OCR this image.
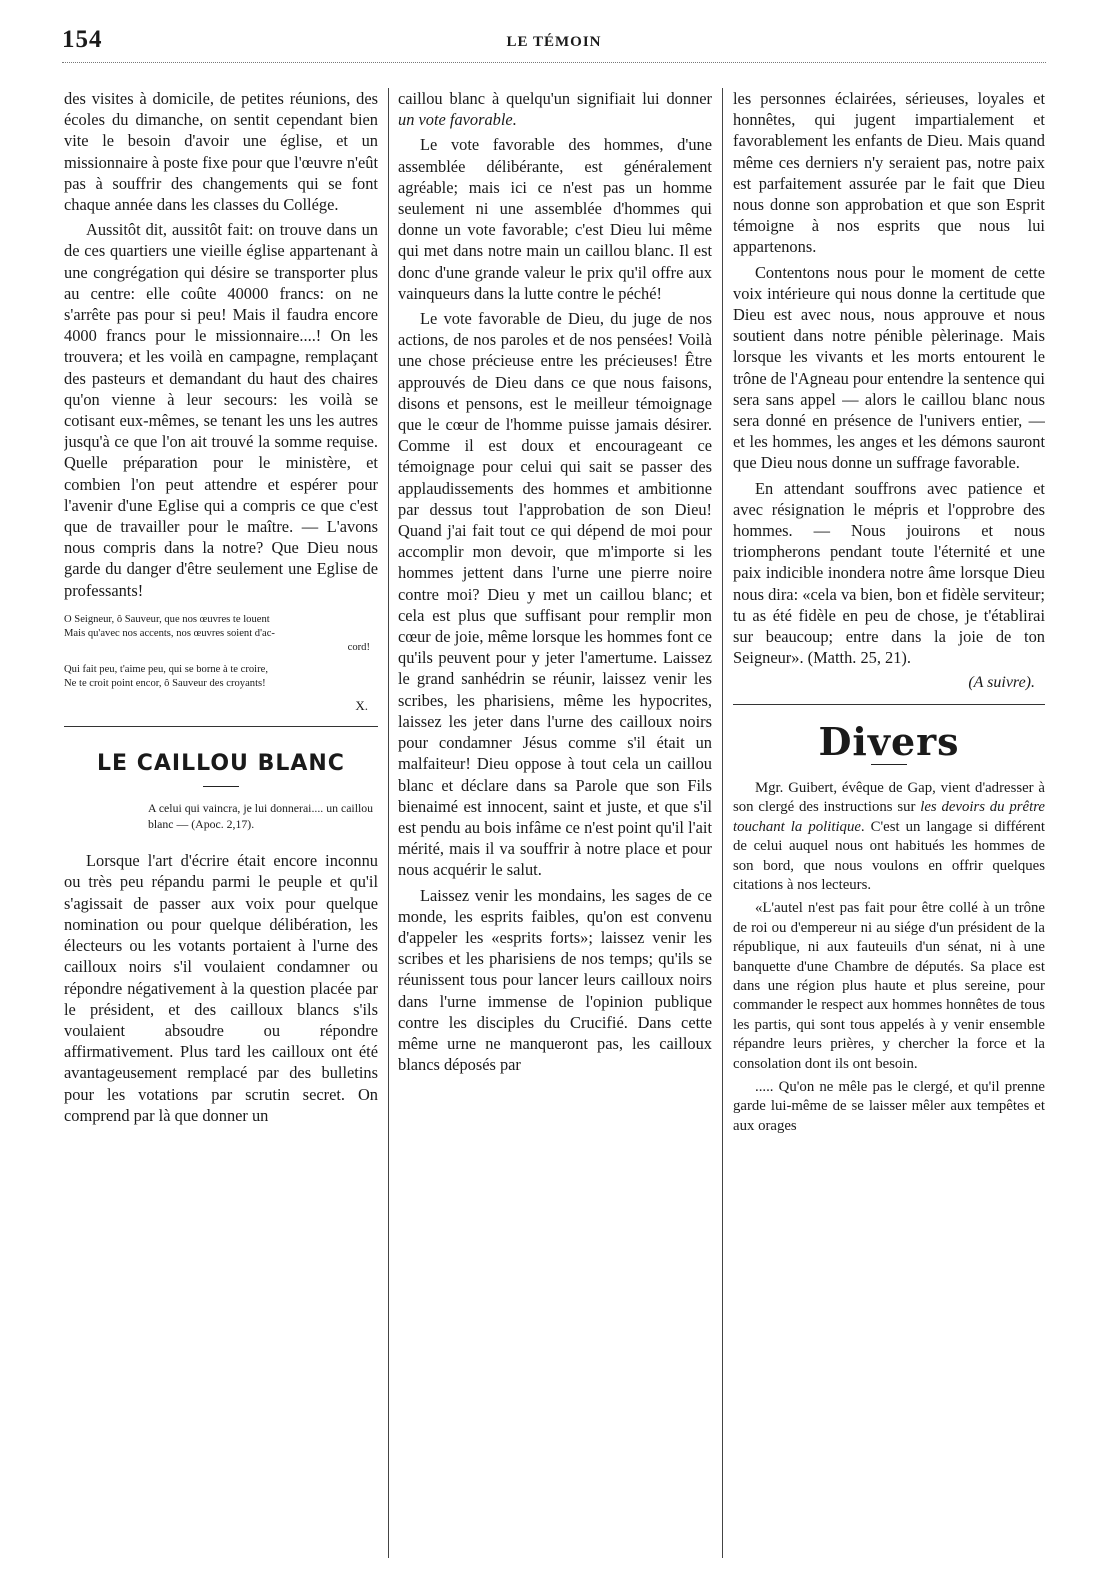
154	LE TÉMOIN

des visites à domicile, de petites réunions, des écoles du dimanche, on sentit cependant bien vite le besoin d'avoir une église, et un missionnaire à poste fixe pour que l'œuvre n'eût pas à souffrir des changements qui se font chaque année dans les classes du Collége.

Aussitôt dit, aussitôt fait: on trouve dans un de ces quartiers une vieille église appartenant à une congrégation qui désire se transporter plus au centre: elle coûte 40000 francs: on ne s'arrête pas pour si peu! Mais il faudra encore 4000 francs pour le missionnaire....! On les trouvera; et les voilà en campagne, remplaçant des pasteurs et demandant du haut des chaires qu'on vienne à leur secours: les voilà se cotisant eux-mêmes, se tenant les uns les autres jusqu'à ce que l'on ait trouvé la somme requise. Quelle préparation pour le ministère, et combien l'on peut attendre et espérer pour l'avenir d'une Eglise qui a compris ce que c'est que de travailler pour le maître. — L'avons nous compris dans la notre? Que Dieu nous garde du danger d'être seulement une Eglise de professants!

O Seigneur, ô Sauveur, que nos œuvres te louent
Mais qu'avec nos accents, nos œuvres soient d'ac-
cord!
Qui fait peu, t'aime peu, qui se borne à te croire,
Ne te croit point encor, ô Sauveur des croyants!
X.
LE CAILLOU BLANC
A celui qui vaincra, je lui donnerai.... un caillou blanc — (Apoc. 2,17).

Lorsque l'art d'écrire était encore inconnu ou très peu répandu parmi le peuple et qu'il s'agissait de passer aux voix pour quelque nomination ou pour quelque délibération, les électeurs ou les votants portaient à l'urne des cailloux noirs s'il voulaient condamner ou répondre négativement à la question placée par le président, et des cailloux blancs s'ils voulaient absoudre ou répondre affirmativement. Plus tard les cailloux ont été avantageusement remplacé par des bulletins pour les votations par scrutin secret. On comprend par là que donner un

caillou blanc à quelqu'un signifiait lui donner un vote favorable.

Le vote favorable des hommes, d'une assemblée délibérante, est généralement agréable; mais ici ce n'est pas un homme seulement ni une assemblée d'hommes qui donne un vote favorable; c'est Dieu lui même qui met dans notre main un caillou blanc. Il est donc d'une grande valeur le prix qu'il offre aux vainqueurs dans la lutte contre le péché!

Le vote favorable de Dieu, du juge de nos actions, de nos paroles et de nos pensées! Voilà une chose précieuse entre les précieuses! Être approuvés de Dieu dans ce que nous faisons, disons et pensons, est le meilleur témoignage que le cœur de l'homme puisse jamais désirer. Comme il est doux et encourageant ce témoignage pour celui qui sait se passer des applaudissements des hommes et ambitionne par dessus tout l'approbation de son Dieu! Quand j'ai fait tout ce qui dépend de moi pour accomplir mon devoir, que m'importe si les hommes jettent dans l'urne une pierre noire contre moi? Dieu y met un caillou blanc; et cela est plus que suffisant pour remplir mon cœur de joie, même lorsque les hommes font ce qu'ils peuvent pour y jeter l'amertume. Laissez le grand sanhédrin se réunir, laissez venir les scribes, les pharisiens, même les hypocrites, laissez les jeter dans l'urne des cailloux noirs pour condamner Jésus comme s'il était un malfaiteur! Dieu oppose à tout cela un caillou blanc et déclare dans sa Parole que son Fils bienaimé est innocent, saint et juste, et que s'il est pendu au bois infâme ce n'est point qu'il l'ait mérité, mais il va souffrir à notre place et pour nous acquérir le salut.

Laissez venir les mondains, les sages de ce monde, les esprits faibles, qu'on est convenu d'appeler les «esprits forts»; laissez venir les scribes et les pharisiens de nos temps; qu'ils se réunissent tous pour lancer leurs cailloux noirs dans l'urne immense de l'opinion publique contre les disciples du Crucifié. Dans cette même urne ne manqueront pas, les cailloux blancs déposés par

les personnes éclairées, sérieuses, loyales et honnêtes, qui jugent impartialement et favorablement les enfants de Dieu. Mais quand même ces derniers n'y seraient pas, notre paix est parfaitement assurée par le fait que Dieu nous donne son approbation et que son Esprit témoigne à nos esprits que nous lui appartenons.

Contentons nous pour le moment de cette voix intérieure qui nous donne la certitude que Dieu est avec nous, nous approuve et nous soutient dans notre pénible pèlerinage. Mais lorsque les vivants et les morts entourent le trône de l'Agneau pour entendre la sentence qui sera sans appel — alors le caillou blanc nous sera donné en présence de l'univers entier, — et les hommes, les anges et les démons sauront que Dieu nous donne un suffrage favorable.

En attendant souffrons avec patience et avec résignation le mépris et l'opprobre des hommes. — Nous jouirons et nous triompherons pendant toute l'éternité et une paix indicible inondera notre âme lorsque Dieu nous dira: «cela va bien, bon et fidèle serviteur; tu as été fidèle en peu de chose, je t'établirai sur beaucoup; entre dans la joie de ton Seigneur». (Matth. 25, 21).

(A suivre).
Divers

Mgr. Guibert, évêque de Gap, vient d'adresser à son clergé des instructions sur les devoirs du prêtre touchant la politique. C'est un langage si différent de celui auquel nous ont habitués les hommes de son bord, que nous voulons en offrir quelques citations à nos lecteurs.

«L'autel n'est pas fait pour être collé à un trône de roi ou d'empereur ni au siége d'un président de la république, ni aux fauteuils d'un sénat, ni à une banquette d'une Chambre de députés. Sa place est dans une région plus haute et plus sereine, pour commander le respect aux hommes honnêtes de tous les partis, qui sont tous appelés à y venir ensemble répandre leurs prières, y chercher la force et la consolation dont ils ont besoin.

..... Qu'on ne mêle pas le clergé, et qu'il prenne garde lui-même de se laisser mêler aux tempêtes et aux orages
